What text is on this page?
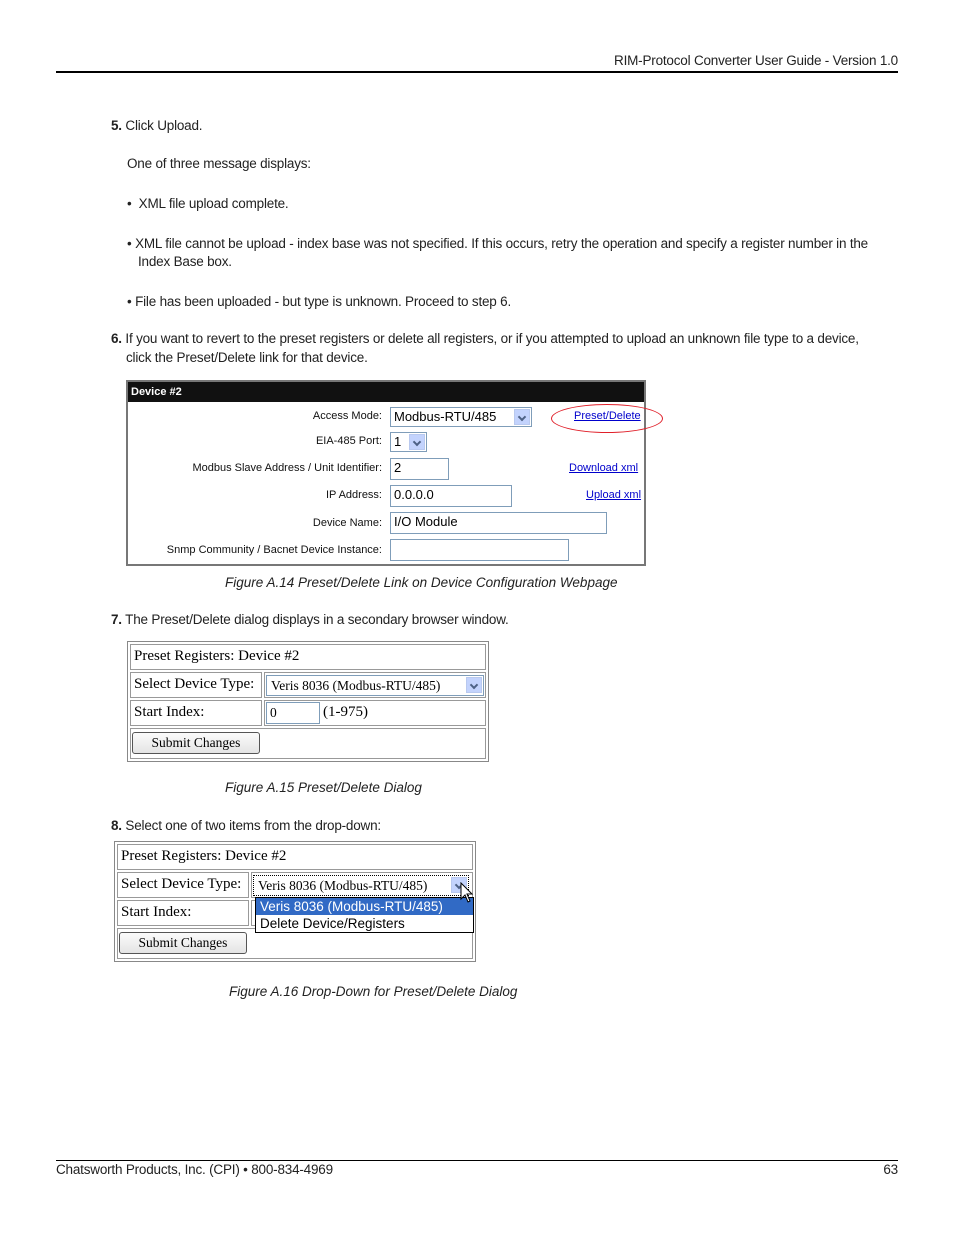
RIM-Protocol Converter User Guide - Version 1.0
5. Click Upload.
One of three message displays:
•  XML file upload complete.
• XML file cannot be upload - index base was not specified. If this occurs, retry the operation and specify a register number in the
Index Base box.
• File has been uploaded - but type is unknown. Proceed to step 6.
6. If you want to revert to the preset registers or delete all registers, or if you attempted to upload an unknown file type to a device,
click the Preset/Delete link for that device.
Device #2
Access Mode: Modbus-RTU/485	Preset/Delete
EIA-485 Port: 1
Modbus Slave Address / Unit Identifier: 2	Download xml
IP Address: 0.0.0.0	Upload xml
Device Name: I/O Module
Snmp Community / Bacnet Device Instance:
Figure A.14 Preset/Delete Link on Device Configuration Webpage
7. The Preset/Delete dialog displays in a secondary browser window.
Preset Registers: Device #2
Select Device Type:	Veris 8036 (Modbus-RTU/485)
Start Index:	0	(1-975)
Submit Changes
Figure A.15 Preset/Delete Dialog
8. Select one of two items from the drop-down:
Preset Registers: Device #2
Select Device Type:	Veris 8036 (Modbus-RTU/485)
Start Index:
Submit Changes
Veris 8036 (Modbus-RTU/485)
Delete Device/Registers
Figure A.16 Drop-Down for Preset/Delete Dialog
Chatsworth Products, Inc. (CPI) • 800-834-4969	63
